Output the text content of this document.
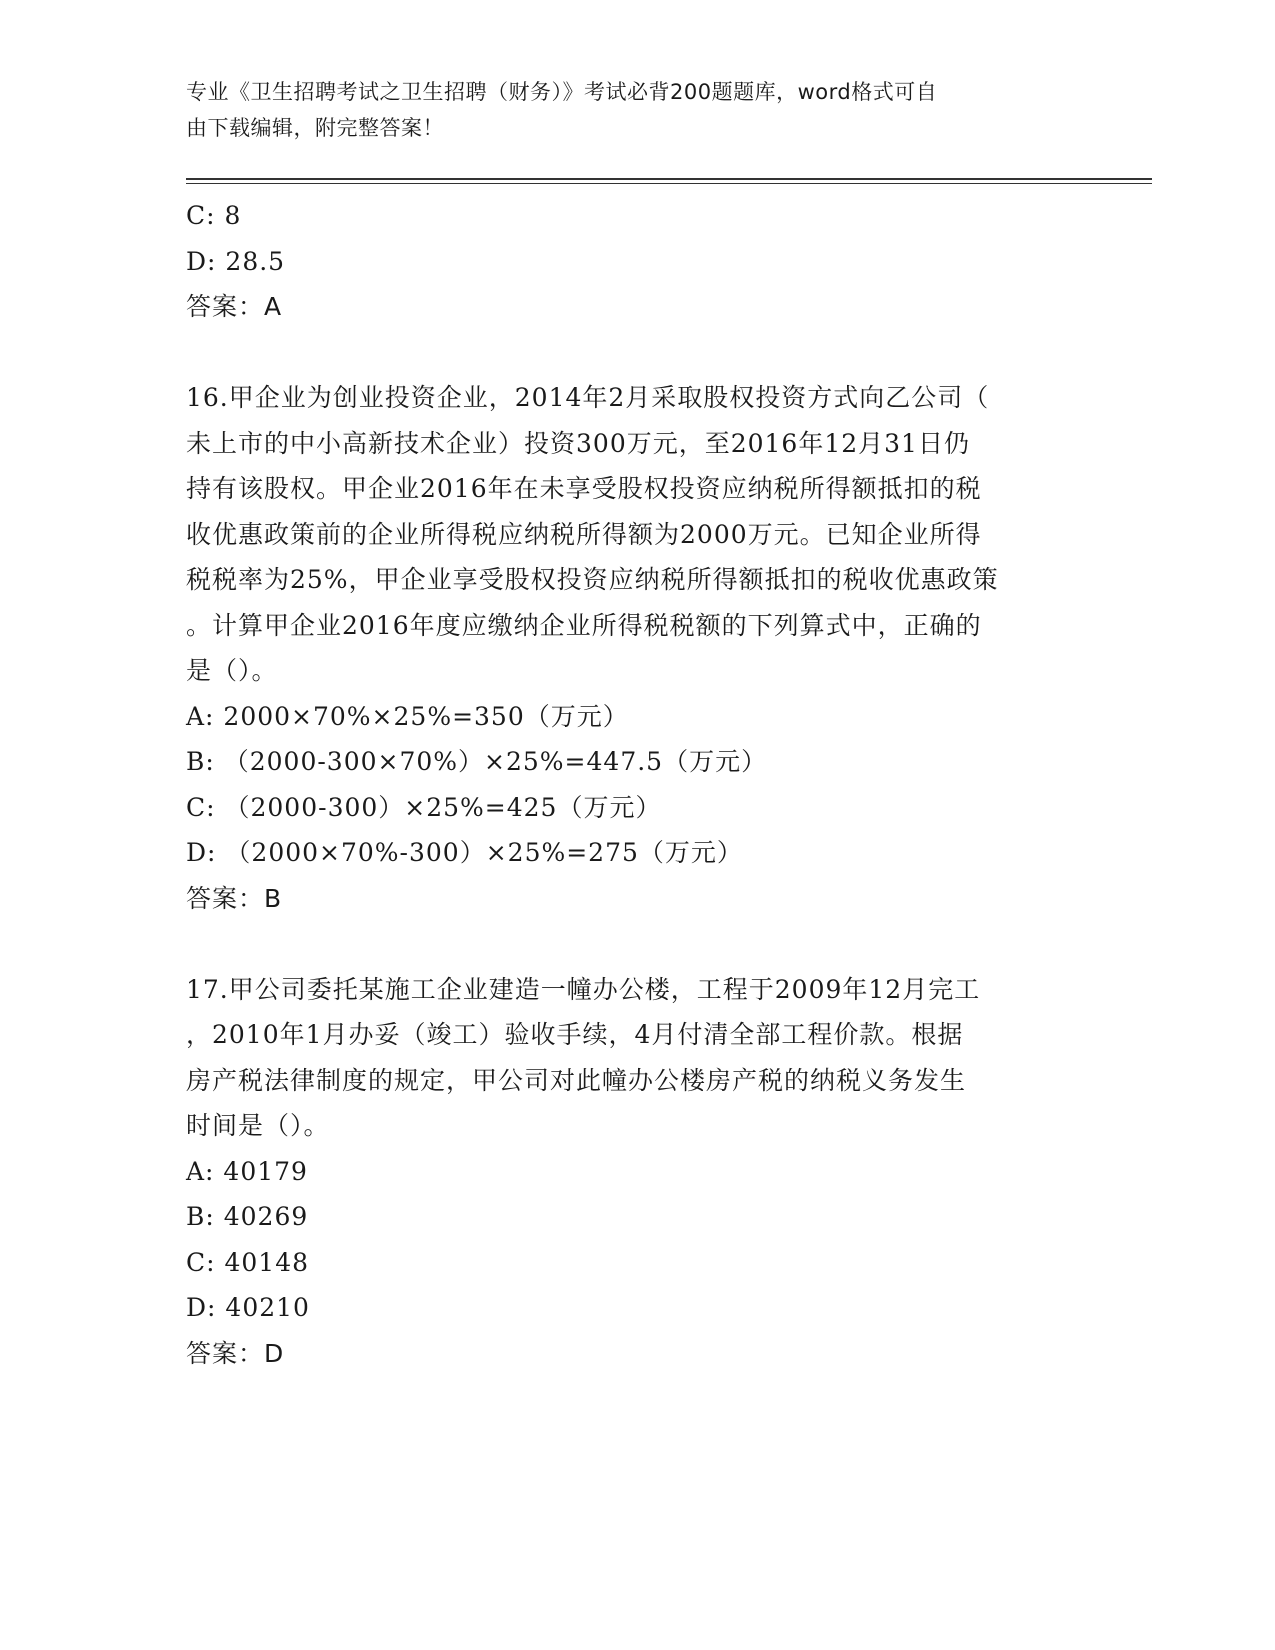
专业《卫生招聘考试之卫生招聘（财务）》考试必背200题题库，word格式可自
由下载编辑，附完整答案！
C: 8
D: 28.5
答案：A
16.甲企业为创业投资企业，2014年2月采取股权投资方式向乙公司（
未上市的中小高新技术企业）投资300万元，至2016年12月31日仍
持有该股权。甲企业2016年在未享受股权投资应纳税所得额抵扣的税
收优惠政策前的企业所得税应纳税所得额为2000万元。已知企业所得
税税率为25%，甲企业享受股权投资应纳税所得额抵扣的税收优惠政策
。计算甲企业2016年度应缴纳企业所得税税额的下列算式中，正确的
是（）。
A: 2000×70%×25%=350（万元）
B: （2000-300×70%）×25%=447.5（万元）
C: （2000-300）×25%=425（万元）
D: （2000×70%-300）×25%=275（万元）
答案：B
17.甲公司委托某施工企业建造一幢办公楼，工程于2009年12月完工
，2010年1月办妥（竣工）验收手续，4月付清全部工程价款。根据
房产税法律制度的规定，甲公司对此幢办公楼房产税的纳税义务发生
时间是（）。
A: 40179
B: 40269
C: 40148
D: 40210
答案：D
